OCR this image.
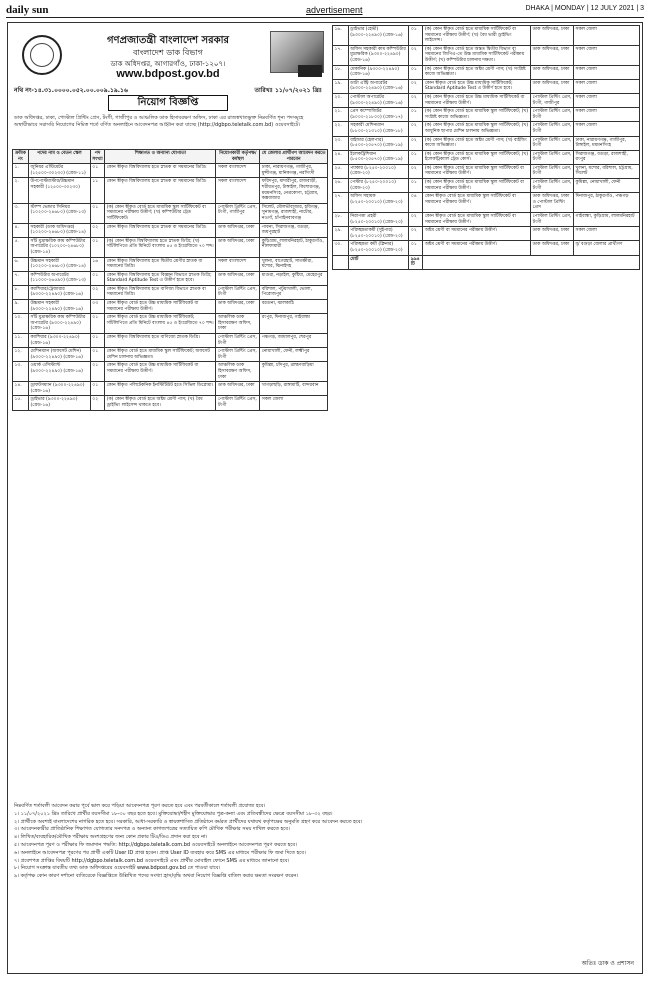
daily sun	advertisement	DHAKA | MONDAY | 12 JULY 2021 | 3
গণপ্রজাতন্ত্রী বাংলাদেশ সরকার
বাংলাদেশ ডাক বিভাগ
ডাক অধিদপ্তর, আগারগাঁও, ঢাকা-১২০৭।
www.bdpost.gov.bd
নথি নং-১৪.৩১.০০০০.০৫২.০০.০০৯.১৯.১৬	তারিখঃ ১১/০৭/২০২১ খ্রিঃ
নিয়োগ বিজ্ঞপ্তি
ডাক অধিদপ্তর, ঢাকা, পোস্টাল প্রিন্টিং প্রেস, টংগী, গাজীপুর ও আঞ্চলিক ডাক হিসাবরক্ষণ অফিস, ঢাকা এর রাজস্বখাতভুক্ত নিম্নবর্ণিত শূন্য পদসমূহে অস্থায়ীভাবে সরাসরি নিয়োগের নিমিত্ত শর্তে বর্ণিত অনলাইনে আবেদনপত্র আহ্বান করা যাচ্ছে (http://dgbpo.teletalk.com.bd) ওয়েবসাইটে।
ক্রমিক নং	পদের নাম ও বেতন স্কেল	পদ সংখ্যা	শিক্ষাগত ও অন্যান্য যোগ্যতা	নিয়োগকারী কর্তৃপক্ষ/কর্মস্থল	যে জেলার প্রার্থীগণ আবেদন করতে পারবেন
১.	জুনিয়র এস্টিমেটর (১২৫০০-৩০২৩০) (গ্রেড-১১)	০১	কোন স্বীকৃত বিশ্ববিদ্যালয় হতে স্নাতক বা সমমানের ডিগ্রি।	সকল বাংলাদেশ	ঢাকা, নারায়ণগঞ্জ, গাজীপুর, মুন্সীগঞ্জ, মানিকগঞ্জ, নরসিংদী
২.	উপপোস্টমাস্টার/উচ্চমান সহকারী (১২৫০০-৩০২৩০)	১১	কোন স্বীকৃত বিশ্ববিদ্যালয় হতে স্নাতক বা সমমানের ডিগ্রি।	সকল বাংলাদেশ	ফরিদপুর, মাদারীপুর, রাজবাড়ী, শরীয়তপুর, টাঙ্গাইল, কিশোরগঞ্জ, ময়মনসিংহ, নেত্রকোণা, চট্টগ্রাম, কক্সবাজার
৩.	স্টাম্প ভেন্ডার সিনিয়র (১০২০০-২৪৬৮০) (গ্রেড-১৩)	০১	(ক) কোন স্বীকৃত বোর্ড হতে মাধ্যমিক স্কুল সার্টিফিকেট বা সমমানের পরীক্ষায় উত্তীর্ণ; (খ) কম্পিউটার ট্রেড সার্টিফিকেট।	পোস্টাল প্রিন্টিং প্রেস, টংগী, গাজীপুর	সিলেট, মৌলভীবাজার, হবিগঞ্জ, সুনামগঞ্জ, রাজশাহী, নাটোর, নওগাঁ, চাঁপাইনবাবগঞ্জ
৪.	সহকারী (ডাক অধিদপ্তর) (১০২০০-২৪৬৮০) (গ্রেড-১৪)	০২	কোন স্বীকৃত বিশ্ববিদ্যালয় হতে স্নাতক বা সমমানের ডিগ্রি।	ডাক অধিদপ্তর, ঢাকা	পাবনা, সিরাজগঞ্জ, বগুড়া, জয়পুরহাট
৫.	সাঁট মুদ্রাক্ষরিক কাম কম্পিউটার অপারেটর (১০২০০-২৪৬৮০) (গ্রেড-১৪)	০১	(ক) কোন স্বীকৃত বিশ্ববিদ্যালয় হতে স্নাতক ডিগ্রি; (খ) সাঁটলিপিতে প্রতি মিনিটে বাংলায় ৪৫ ও ইংরেজিতে ৭০ শব্দ।	ডাক অধিদপ্তর, ঢাকা	কুড়িগ্রাম, লালমনিরহাট, ঠাকুরগাঁও, নীলফামারী
৬.	উচ্চমান সহকারী (১০২০০-২৪৬৮০) (গ্রেড-১৪)	১৬	কোন স্বীকৃত বিশ্ববিদ্যালয় হতে দ্বিতীয় শ্রেণীর স্নাতক বা সমমানের ডিগ্রি।	সকল বাংলাদেশ	খুলনা, বাগেরহাট, সাতক্ষীরা, যশোর, ঝিনাইদহ
৭.	কম্পিউটার অপারেটর (১১০০০-২৬৫৯০) (গ্রেড-১৩)	০১	কোন স্বীকৃত বিশ্ববিদ্যালয় হতে বিজ্ঞান বিভাগে স্নাতক ডিগ্রি; Standard Aptitude Test এ উত্তীর্ণ হতে হবে।	ডাক অধিদপ্তর, ঢাকা	মাগুরা, নড়াইল, কুষ্টিয়া, মেহেরপুর
৮.	ক্যাশিয়ার/ট্রেজারার (৯৩০০-২২৪৯০) (গ্রেড-১৬)	০২	কোন স্বীকৃত বিশ্ববিদ্যালয় হতে বাণিজ্য বিভাগে স্নাতক বা সমমানের ডিগ্রি।	পোস্টাল প্রিন্টিং প্রেস, টংগী	বরিশাল, পটুয়াখালী, ভোলা, পিরোজপুর
৯.	উচ্চমান সহকারী (৯৩০০-২২৪৯০) (গ্রেড-১৬)	০৩	কোন স্বীকৃত বোর্ড হতে উচ্চ মাধ্যমিক সার্টিফিকেট বা সমমানের পরীক্ষায় উত্তীর্ণ।	ডাক অধিদপ্তর, ঢাকা	বরগুনা, ঝালকাঠি
১০.	সাঁট মুদ্রাক্ষরিক কাম কম্পিউটার অপারেটর (৯৩০০-২২৪৯০) (গ্রেড-১৬)	০১	কোন স্বীকৃত বোর্ড হতে উচ্চ মাধ্যমিক সার্টিফিকেট; সাঁটলিপিতে প্রতি মিনিটে বাংলায় ৪৫ ও ইংরেজিতে ৭০ শব্দ।	আঞ্চলিক ডাক হিসাবরক্ষণ অফিস, ঢাকা	রংপুর, দিনাজপুর, গাইবান্ধা
১১.	ক্যাশিয়ার (৯৩০০-২২৪৯০) (গ্রেড-১৬)	০১	কোন স্বীকৃত বিশ্ববিদ্যালয় হতে বাণিজ্যে স্নাতক ডিগ্রি।	পোস্টাল প্রিন্টিং প্রেস, টংগী	পঞ্চগড়, জামালপুর, শেরপুর
১২.	মেশিনম্যান (অফসেট মেশিন) (৯৩০০-২২৪৯০) (গ্রেড-১৬)	০১	কোন স্বীকৃত বোর্ড হতে মাধ্যমিক স্কুল সার্টিফিকেট; অফসেট মেশিন চালনায় অভিজ্ঞতা।	পোস্টাল প্রিন্টিং প্রেস, টংগী	নোয়াখালী, ফেনী, লক্ষ্মীপুর
১৩.	ওয়ার্ক এসিস্ট্যান্ট (৯৩০০-২২৪৯০) (গ্রেড-১৬)	০১	কোন স্বীকৃত বোর্ড হতে উচ্চ মাধ্যমিক সার্টিফিকেট বা সমমানের পরীক্ষায় উত্তীর্ণ।	আঞ্চলিক ডাক হিসাবরক্ষণ অফিস, ঢাকা	কুমিল্লা, চাঁদপুর, ব্রাহ্মণবাড়িয়া
১৪.	ড্রাফটসম্যান (৯৩০০-২২৪৯০) (গ্রেড-১৬)	০১	কোন স্বীকৃত পলিটেকনিক ইনস্টিটিউট হতে সিভিল ডিপ্লোমা।	ডাক অধিদপ্তর, ঢাকা	খাগড়াছড়ি, রাঙ্গামাটি, বান্দরবান
১৫.	ড্রাইভার (৯৩০০-২২৪৯০) (গ্রেড-১৬)	০২	(ক) কোন স্বীকৃত বোর্ড হতে অষ্টম শ্রেণী পাস; (খ) বৈধ ড্রাইভিং লাইসেন্স থাকতে হবে।	পোস্টাল প্রিন্টিং প্রেস, টংগী	সকল জেলা
১৬.	ড্রাইভার (হেভী) (৯৩০০-২২৪৯০) (গ্রেড-১৬)	০১	(ক) কোন স্বীকৃত বোর্ড হতে মাধ্যমিক সার্টিফিকেট বা সমমানের পরীক্ষায় উত্তীর্ণ; (খ) বৈধ ভারী ড্রাইভিং লাইসেন্স।	ডাক অধিদপ্তর, ঢাকা	সকল জেলা
১৭.	অফিস সহকারী কাম কম্পিউটার মুদ্রাক্ষরিক (৯৩০০-২২৪৯০) (গ্রেড-১৬)	০২	(ক) কোন স্বীকৃত বোর্ড হতে অন্তত দ্বিতীয় বিভাগ বা সমমানের জিপিএ-তে উচ্চ মাধ্যমিক সার্টিফিকেট পরীক্ষায় উত্তীর্ণ; (খ) কম্পিউটার চালনায় দক্ষতা।	ডাক অধিদপ্তর, ঢাকা	সকল জেলা
১৮.	মেকানিক (৯৩০০-২২৪৯০) (গ্রেড-১৬)	০১	(ক) কোন স্বীকৃত বোর্ড হতে অষ্টম শ্রেণী পাস; (খ) সংশ্লিষ্ট কাজে অভিজ্ঞতা।	ডাক অধিদপ্তর, ঢাকা	সকল জেলা
১৯.	ডাটা এন্ট্রি অপারেটর (৯৩০০-২২৪৯০) (গ্রেড-১৬)	০২	কোন স্বীকৃত বোর্ড হতে উচ্চ মাধ্যমিক সার্টিফিকেট; Standard Aptitude Test এ উত্তীর্ণ হতে হবে।	ডাক অধিদপ্তর, ঢাকা	সকল জেলা
২০.	পোস্টাল অপারেটর (৯৩০০-২২৪৯০) (গ্রেড-১৬)	০২	(ক) কোন স্বীকৃত বোর্ড হতে উচ্চ মাধ্যমিক সার্টিফিকেট বা সমমানের পরীক্ষায় উত্তীর্ণ।	পোস্টাল প্রিন্টিং প্রেস, টংগী, গাজীপুর	সকল জেলা
২১.	প্রেস কম্পোজিটর (৯০০০-২১৮০০) (গ্রেড-১৭)	০১	(ক) কোন স্বীকৃত বোর্ড হতে মাধ্যমিক স্কুল সার্টিফিকেট; (খ) সংশ্লিষ্ট কাজে অভিজ্ঞতা।	পোস্টাল প্রিন্টিং প্রেস, টংগী	সকল জেলা
২২.	সহকারী মেশিনম্যান (৮৮০০-২১৩১০) (গ্রেড-১৮)	০২	(ক) কোন স্বীকৃত বোর্ড হতে মাধ্যমিক স্কুল সার্টিফিকেট; (খ) আধুনিক ছাপার মেশিন চালনায় অভিজ্ঞতা।	পোস্টাল প্রিন্টিং প্রেস, টংগী	সকল জেলা
২৩.	বাইন্ডার (হেলপার) (৮৫০০-২০৫৭০) (গ্রেড-১৯)	০২	(ক) কোন স্বীকৃত বোর্ড হতে অষ্টম শ্রেণী পাস; (খ) বাইন্ডিং কাজে অভিজ্ঞতা।	পোস্টাল প্রিন্টিং প্রেস, টংগী	ঢাকা, নারায়ণগঞ্জ, গাজীপুর, টাঙ্গাইল, ময়মনসিংহ
২৪.	ইলেকট্রিশিয়ান (৮৫০০-২০৫৭০) (গ্রেড-১৯)	০১	(ক) কোন স্বীকৃত বোর্ড হতে মাধ্যমিক স্কুল সার্টিফিকেট; (খ) ইলেকট্রিক্যাল ট্রেড কোর্স।	পোস্টাল প্রিন্টিং প্রেস, টংগী	সিরাজগঞ্জ, বগুড়া, রাজশাহী, রংপুর
২৫.	প্যাকার (৮২৫০-২০০১০) (গ্রেড-২০)	০২	(ক) কোন স্বীকৃত বোর্ড হতে মাধ্যমিক স্কুল সার্টিফিকেট বা সমমানের পরীক্ষায় উত্তীর্ণ।	পোস্টাল প্রিন্টিং প্রেস, টংগী	খুলনা, যশোর, বরিশাল, চট্টগ্রাম, সিলেট
২৬.	পেস্টার (৮২৫০-২০০১০) (গ্রেড-২০)	০১	(ক) কোন স্বীকৃত বোর্ড হতে মাধ্যমিক স্কুল সার্টিফিকেট বা সমমানের পরীক্ষায় উত্তীর্ণ।	পোস্টাল প্রিন্টিং প্রেস, টংগী	কুমিল্লা, নোয়াখালী, ফেনী
২৭.	অফিস সহায়ক (৮২৫০-২০০১০) (গ্রেড-২০)	০৪	কোন স্বীকৃত বোর্ড হতে মাধ্যমিক স্কুল সার্টিফিকেট বা সমমানের পরীক্ষায় উত্তীর্ণ।	ডাক অধিদপ্তর, ঢাকা ও পোস্টাল প্রিন্টিং প্রেস	দিনাজপুর, ঠাকুরগাঁও, পঞ্চগড়
২৮.	নিরাপত্তা প্রহরী (৮২৫০-২০০১০) (গ্রেড-২০)	০২	কোন স্বীকৃত বোর্ড হতে মাধ্যমিক স্কুল সার্টিফিকেট বা সমমানের পরীক্ষায় উত্তীর্ণ।	পোস্টাল প্রিন্টিং প্রেস, টংগী	গাইবান্ধা, কুড়িগ্রাম, লালমনিরহাট
২৯.	পরিচ্ছন্নতাকর্মী (সুইপার) (৮২৫০-২০০১০) (গ্রেড-২০)	০২	অষ্টম শ্রেণী বা সমমানের পরীক্ষায় উত্তীর্ণ।	ডাক অধিদপ্তর, ঢাকা	সকল জেলা
৩০.	পরিচ্ছন্নতা কর্মী (ক্লিনার) (৮২৫০-২০০১০) (গ্রেড-২০)	০১	অষ্টম শ্রেণী বা সমমানের পরীক্ষায় উত্তীর্ণ।	ডাক অধিদপ্তর, ঢাকা	বৃ/ বগুড়া জেলার প্রার্থীগণ
	মোট	৯৯৪ টি			

নিম্নবর্ণিত শর্তাবলী আবেদন করার পূর্বে ভাল করে পড়িয়া আবেদনপত্র পূরণ করতে হবে এবং পরবর্তীকালে শর্তাবলী প্রযোজ্য হবে।

১। ১১/০৭/২০২১ খ্রিঃ তারিখে প্রার্থীর বয়সসীমা ১৮-৩০ বছর হতে হবে। মুক্তিযোদ্ধা/শহীদ মুক্তিযোদ্ধার পুত্র-কন্যা এবং প্রতিবন্ধীদের ক্ষেত্রে বয়সসীমা ১৮-৩২ বছর।

২। প্রার্থীকে অবশ্যই বাংলাদেশের নাগরিক হতে হবে। সরকারি, আধা-সরকারি ও স্বায়ত্তশাসিত প্রতিষ্ঠানে কর্মরত প্রার্থীদের যথাযথ কর্তৃপক্ষের অনুমতি গ্রহণ করে আবেদন করতে হবে।

৩। আবেদনকারীর প্রাতিষ্ঠানিক শিক্ষাগত যোগ্যতার সনদপত্র ও অন্যান্য কাগজপত্রের সত্যায়িত কপি মৌখিক পরীক্ষার সময় দাখিল করতে হবে।

৪। লিখিত/ব্যবহারিক/মৌখিক পরীক্ষায় অংশগ্রহণের জন্য কোন প্রকার টিএ/ডিএ প্রদান করা হবে না।

৫। আবেদনপত্র পূরণ ও পরীক্ষার ফি জমাদান পদ্ধতি: http://dgbpo.teletalk.com.bd ওয়েবসাইটে অনলাইনে আবেদনপত্র পূরণ করতে হবে।

৬। অনলাইনে আবেদনপত্র পূরণের পর প্রার্থী একটি User ID প্রাপ্ত হবেন। প্রাপ্ত User ID ব্যবহার করে SMS এর মাধ্যমে পরীক্ষার ফি জমা দিতে হবে।

৭। প্রবেশপত্র প্রাপ্তির বিষয়টি http://dgbpo.teletalk.com.bd ওয়েবসাইটে এবং প্রার্থীর মোবাইল ফোনে SMS এর মাধ্যমে জানানো হবে।

৮। নিয়োগ সংক্রান্ত যাবতীয় তথ্য ডাক অধিদপ্তরের ওয়েবসাইট www.bdpost.gov.bd তে পাওয়া যাবে।

৯। কর্তৃপক্ষ কোন কারণ দর্শানো ব্যতিরেকে বিজ্ঞপ্তিতে উল্লিখিত পদের সংখ্যা হ্রাস/বৃদ্ধি অথবা নিয়োগ বিজ্ঞপ্তি বাতিল করার ক্ষমতা সংরক্ষণ করেন।

অতিঃ ডাক ও প্রশাসন
